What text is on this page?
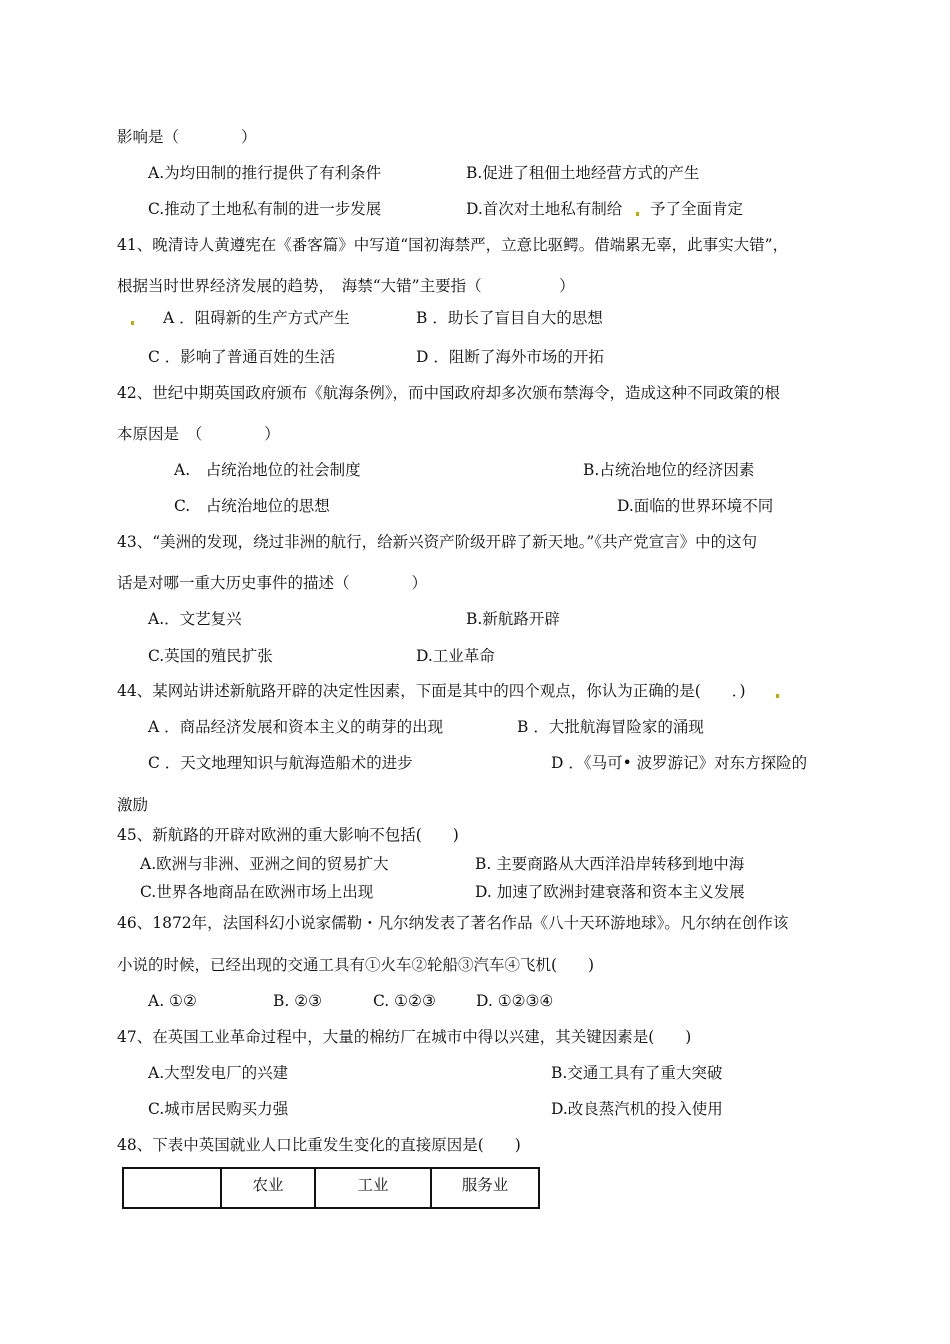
影响是（　　　　）
A.为均田制的推行提供了有利条件	B.促进了租佃土地经营方式的产生
C.推动了土地私有制的进一步发展	D.首次对土地私有制给 予了全面肯定
41、晚清诗人黄遵宪在《番客篇》中写道“国初海禁严，立意比驱鳄。借端累无辜，此事实大错”，
根据当时世界经济发展的趋势，　海禁“大错”主要指（　　　　　）
A ．阻碍新的生产方式产生	B ．助长了盲目自大的思想
C ．影响了普通百姓的生活	D ．阻断了海外市场的开拓
42、世纪中期英国政府颁布《航海条例》，而中国政府却多次颁布禁海令，造成这种不同政策的根
本原因是　（　　　　）
A.　占统治地位的社会制度	B.占统治地位的经济因素
C.　占统治地位的思想	D.面临的世界环境不同
43、“美洲的发现，绕过非洲的航行，给新兴资产阶级开辟了新天地。”《共产党宣言》中的这句
话是对哪一重大历史事件的描述（　　　　）
A.．文艺复兴	B.新航路开辟
C.英国的殖民扩张	D.工业革命
44、某网站讲述新航路开辟的决定性因素，下面是其中的四个观点，你认为正确的是(　　．)
A ．商品经济发展和资本主义的萌芽的出现	B ．大批航海冒险家的涌现
C ．天文地理知识与航海造船术的进步	D ．《马可• 波罗游记》对东方探险的
激励
45、新航路的开辟对欧洲的重大影响不包括(　　)
A.欧洲与非洲、亚洲之间的贸易扩大	B. 主要商路从大西洋沿岸转移到地中海
C.世界各地商品在欧洲市场上出现	D. 加速了欧洲封建衰落和资本主义发展
46、1872年，法国科幻小说家儒勒・凡尔纳发表了著名作品《八十天环游地球》。凡尔纳在创作该
小说的时候，已经出现的交通工具有①火车②轮船③汽车④飞机(　　)
A. ①②	B. ②③	C. ①②③	D. ①②③④
47、在英国工业革命过程中，大量的棉纺厂在城市中得以兴建，其关键因素是(　　)
A.大型发电厂的兴建	B.交通工具有了重大突破
C.城市居民购买力强	D.改良蒸汽机的投入使用
48、下表中英国就业人口比重发生变化的直接原因是(　　)
	农业	工业	服务业
